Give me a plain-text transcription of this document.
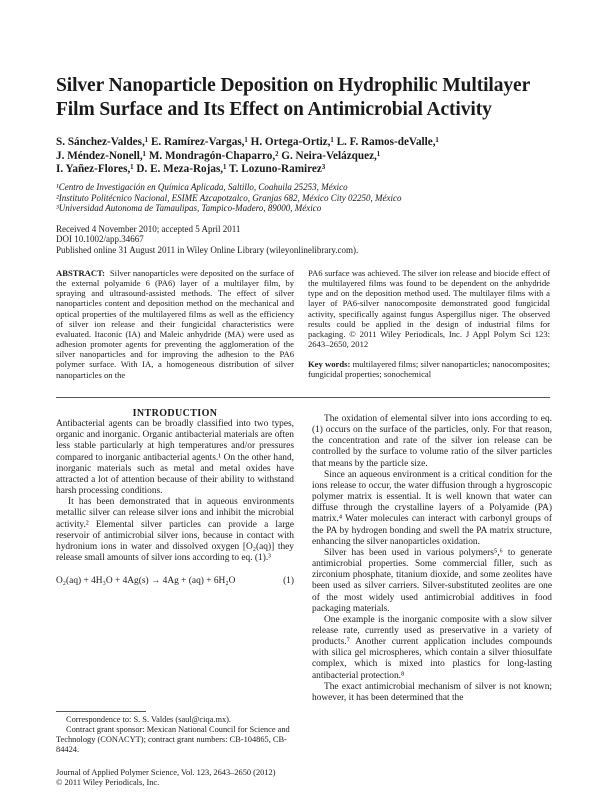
Silver Nanoparticle Deposition on Hydrophilic Multilayer
Film Surface and Its Effect on Antimicrobial Activity
S. Sánchez-Valdes,¹ E. Ramírez-Vargas,¹ H. Ortega-Ortiz,¹ L. F. Ramos-deValle,¹
J. Méndez-Nonell,¹ M. Mondragón-Chaparro,² G. Neira-Velázquez,¹
I. Yañez-Flores,¹ D. E. Meza-Rojas,¹ T. Lozuno-Ramirez³
¹Centro de Investigación en Química Aplicada, Saltillo, Coahuila 25253, México
²Instituto Politécnico Nacional, ESIME Azcapotzalco, Granjas 682, México City 02250, México
³Universidad Autonoma de Tamaulipas, Tampico-Madero, 89000, México
Received 4 November 2010; accepted 5 April 2011
DOI 10.1002/app.34667
Published online 31 August 2011 in Wiley Online Library (wileyonlinelibrary.com).

ABSTRACT: Silver nanoparticles were deposited on the surface of the external polyamide 6 (PA6) layer of a multilayer film, by spraying and ultrasound-assisted methods. The effect of silver nanoparticles content and deposition method on the mechanical and optical properties of the multilayered films as well as the efficiency of silver ion release and their fungicidal characteristics were evaluated. Itaconic (IA) and Maleic anhydride (MA) were used as adhesion promoter agents for preventing the agglomeration of the silver nanoparticles and for improving the adhesion to the PA6 polymer surface. With IA, a homogeneous distribution of silver nanoparticles on the

PA6 surface was achieved. The silver ion release and biocide effect of the multilayered films was found to be dependent on the anhydride type and on the deposition method used. The multilayer films with a layer of PA6-silver nanocomposite demonstrated good fungicidal activity, specifically against fungus Aspergillus niger. The observed results could be applied in the design of industrial films for packaging. © 2011 Wiley Periodicals, Inc. J Appl Polym Sci 123: 2643–2650, 2012

Key words: multilayered films; silver nanoparticles; nanocomposites; fungicidal properties; sonochemical

INTRODUCTION

Antibacterial agents can be broadly classified into two types, organic and inorganic. Organic antibacterial materials are often less stable particularly at high temperatures and/or pressures compared to inorganic antibacterial agents.¹ On the other hand, inorganic materials such as metal and metal oxides have attracted a lot of attention because of their ability to withstand harsh processing conditions.

It has been demonstrated that in aqueous environments metallic silver can release silver ions and inhibit the microbial activity.² Elemental silver particles can provide a large reservoir of antimicrobial silver ions, because in contact with hydronium ions in water and dissolved oxygen [O₂(aq)] they release small amounts of silver ions according to eq. (1).³

O₂(aq) + 4H₃O + 4Ag(s) → 4Ag + (aq) + 6H₂O	(1)

Correspondence to: S. S. Valdes (saul@ciqa.mx).

Contract grant sponsor: Mexican National Council for Science and Technology (CONACYT); contract grant numbers: CB-104865, CB-84424.

Journal of Applied Polymer Science, Vol. 123, 2643–2650 (2012)
© 2011 Wiley Periodicals, Inc.

The oxidation of elemental silver into ions according to eq. (1) occurs on the surface of the particles, only. For that reason, the concentration and rate of the silver ion release can be controlled by the surface to volume ratio of the silver particles that means by the particle size.

Since an aqueous environment is a critical condition for the ions release to occur, the water diffusion through a hygroscopic polymer matrix is essential. It is well known that water can diffuse through the crystalline layers of a Polyamide (PA) matrix.⁴ Water molecules can interact with carbonyl groups of the PA by hydrogen bonding and swell the PA matrix structure, enhancing the silver nanoparticles oxidation.

Silver has been used in various polymers⁵,⁶ to generate antimicrobial properties. Some commercial filler, such as zirconium phosphate, titanium dioxide, and some zeolites have been used as silver carriers. Silver-substituted zeolites are one of the most widely used antimicrobial additives in food packaging materials.

One example is the inorganic composite with a slow silver release rate, currently used as preservative in a variety of products.⁷ Another current application includes compounds with silica gel microspheres, which contain a silver thiosulfate complex, which is mixed into plastics for long-lasting antibacterial protection.⁸

The exact antimicrobial mechanism of silver is not known; however, it has been determined that the
